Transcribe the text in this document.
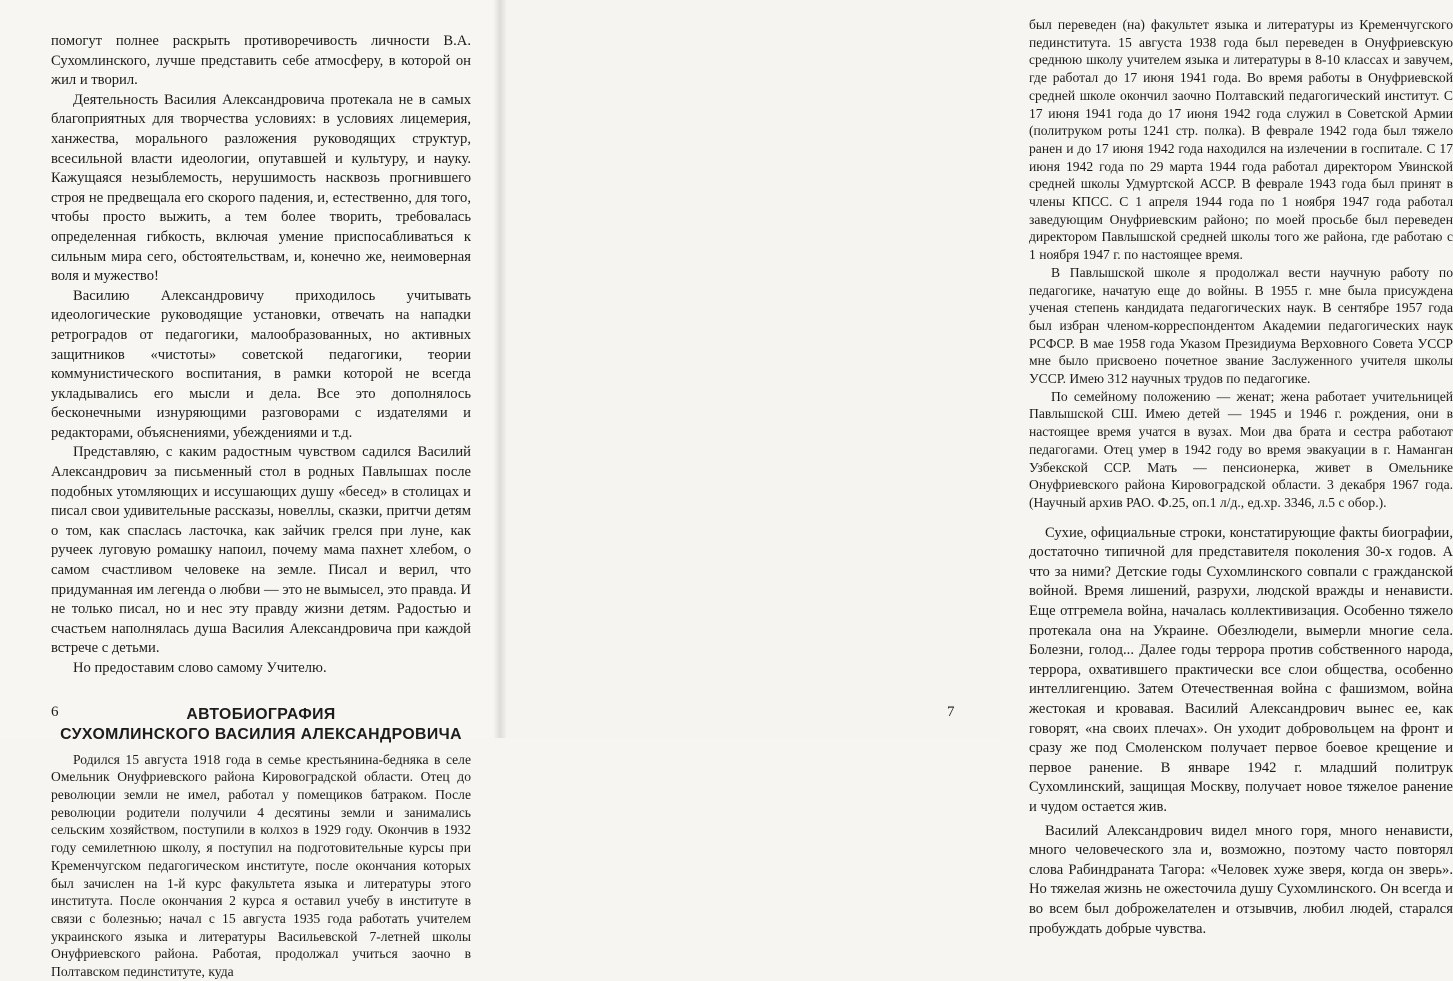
помогут полнее раскрыть противоречивость личности В.А. Сухомлинского, лучше представить себе атмосферу, в которой он жил и творил.

Деятельность Василия Александровича протекала не в самых благоприятных для творчества условиях: в условиях лицемерия, ханжества, морального разложения руководящих структур, всесильной власти идеологии, опутавшей и культуру, и науку. Кажущаяся незыблемость, нерушимость насквозь прогнившего строя не предвещала его скорого падения, и, естественно, для того, чтобы просто выжить, а тем более творить, требовалась определенная гибкость, включая умение приспосабливаться к сильным мира сего, обстоятельствам, и, конечно же, неимоверная воля и мужество!

Василию Александровичу приходилось учитывать идеологические руководящие установки, отвечать на нападки ретроградов от педагогики, малообразованных, но активных защитников «чистоты» советской педагогики, теории коммунистического воспитания, в рамки которой не всегда укладывались его мысли и дела. Все это дополнялось бесконечными изнуряющими разговорами с издателями и редакторами, объяснениями, убеждениями и т.д.

Представляю, с каким радостным чувством садился Василий Александрович за письменный стол в родных Павлышах после подобных утомляющих и иссушающих душу «бесед» в столицах и писал свои удивительные рассказы, новеллы, сказки, притчи детям о том, как спаслась ласточка, как зайчик грелся при луне, как ручеек луговую ромашку напоил, почему мама пахнет хлебом, о самом счастливом человеке на земле. Писал и верил, что придуманная им легенда о любви — это не вымысел, это правда. И не только писал, но и нес эту правду жизни детям. Радостью и счастьем наполнялась душа Василия Александровича при каждой встрече с детьми.

Но предоставим слово самому Учителю.

АВТОБИОГРАФИЯ
СУХОМЛИНСКОГО ВАСИЛИЯ АЛЕКСАНДРОВИЧА

Родился 15 августа 1918 года в семье крестьянина-бедняка в селе Омельник Онуфриевского района Кировоградской области. Отец до революции земли не имел, работал у помещиков батраком. После революции родители получили 4 десятины земли и занимались сельским хозяйством, поступили в колхоз в 1929 году. Окончив в 1932 году семилетнюю школу, я поступил на подготовительные курсы при Кременчугском педагогическом институте, после окончания которых был зачислен на 1-й курс факультета языка и литературы этого института. После окончания 2 курса я оставил учебу в институте в связи с болезнью; начал с 15 августа 1935 года работать учителем украинского языка и литературы Васильевской 7-летней школы Онуфриевского района. Работая, продолжал учиться заочно в Полтавском пединституте, куда

6

был переведен (на) факультет языка и литературы из Кременчугского пединститута. 15 августа 1938 года был переведен в Онуфриевскую среднюю школу учителем языка и литературы в 8-10 классах и завучем, где работал до 17 июня 1941 года. Во время работы в Онуфриевской средней школе окончил заочно Полтавский педагогический институт. С 17 июня 1941 года до 17 июня 1942 года служил в Советской Армии (политруком роты 1241 стр. полка). В феврале 1942 года был тяжело ранен и до 17 июня 1942 года находился на излечении в госпитале. С 17 июня 1942 года по 29 марта 1944 года работал директором Увинской средней школы Удмуртской АССР. В феврале 1943 года был принят в члены КПСС. С 1 апреля 1944 года по 1 ноября 1947 года работал заведующим Онуфриевским районо; по моей просьбе был переведен директором Павлышской средней школы того же района, где работаю с 1 ноября 1947 г. по настоящее время.

В Павлышской школе я продолжал вести научную работу по педагогике, начатую еще до войны. В 1955 г. мне была присуждена ученая степень кандидата педагогических наук. В сентябре 1957 года был избран членом-корреспондентом Академии педагогических наук РСФСР. В мае 1958 года Указом Президиума Верховного Совета УССР мне было присвоено почетное звание Заслуженного учителя школы УССР. Имею 312 научных трудов по педагогике.

По семейному положению — женат; жена работает учительницей Павлышской СШ. Имею детей — 1945 и 1946 г. рождения, они в настоящее время учатся в вузах. Мои два брата и сестра работают педагогами. Отец умер в 1942 году во время эвакуации в г. Наманган Узбекской ССР. Мать — пенсионерка, живет в Омельнике Онуфриевского района Кировоградской области. 3 декабря 1967 года. (Научный архив РАО. Ф.25, оп.1 л/д., ед.хр. 3346, л.5 с обор.).

Сухие, официальные строки, констатирующие факты биографии, достаточно типичной для представителя поколения 30-х годов. А что за ними? Детские годы Сухомлинского совпали с гражданской войной. Время лишений, разрухи, людской вражды и ненависти. Еще отгремела война, началась коллективизация. Особенно тяжело протекала она на Украине. Обезлюдели, вымерли многие села. Болезни, голод... Далее годы террора против собственного народа, террора, охватившего практически все слои общества, особенно интеллигенцию. Затем Отечественная война с фашизмом, война жестокая и кровавая. Василий Александрович вынес ее, как говорят, «на своих плечах». Он уходит добровольцем на фронт и сразу же под Смоленском получает первое боевое крещение и первое ранение. В январе 1942 г. младший политрук Сухомлинский, защищая Москву, получает новое тяжелое ранение и чудом остается жив.

Василий Александрович видел много горя, много ненависти, много человеческого зла и, возможно, поэтому часто повторял слова Рабиндраната Тагора: «Человек хуже зверя, когда он зверь». Но тяжелая жизнь не ожесточила душу Сухомлинского. Он всегда и во всем был доброжелателен и отзывчив, любил людей, старался пробуждать добрые чувства.

7
